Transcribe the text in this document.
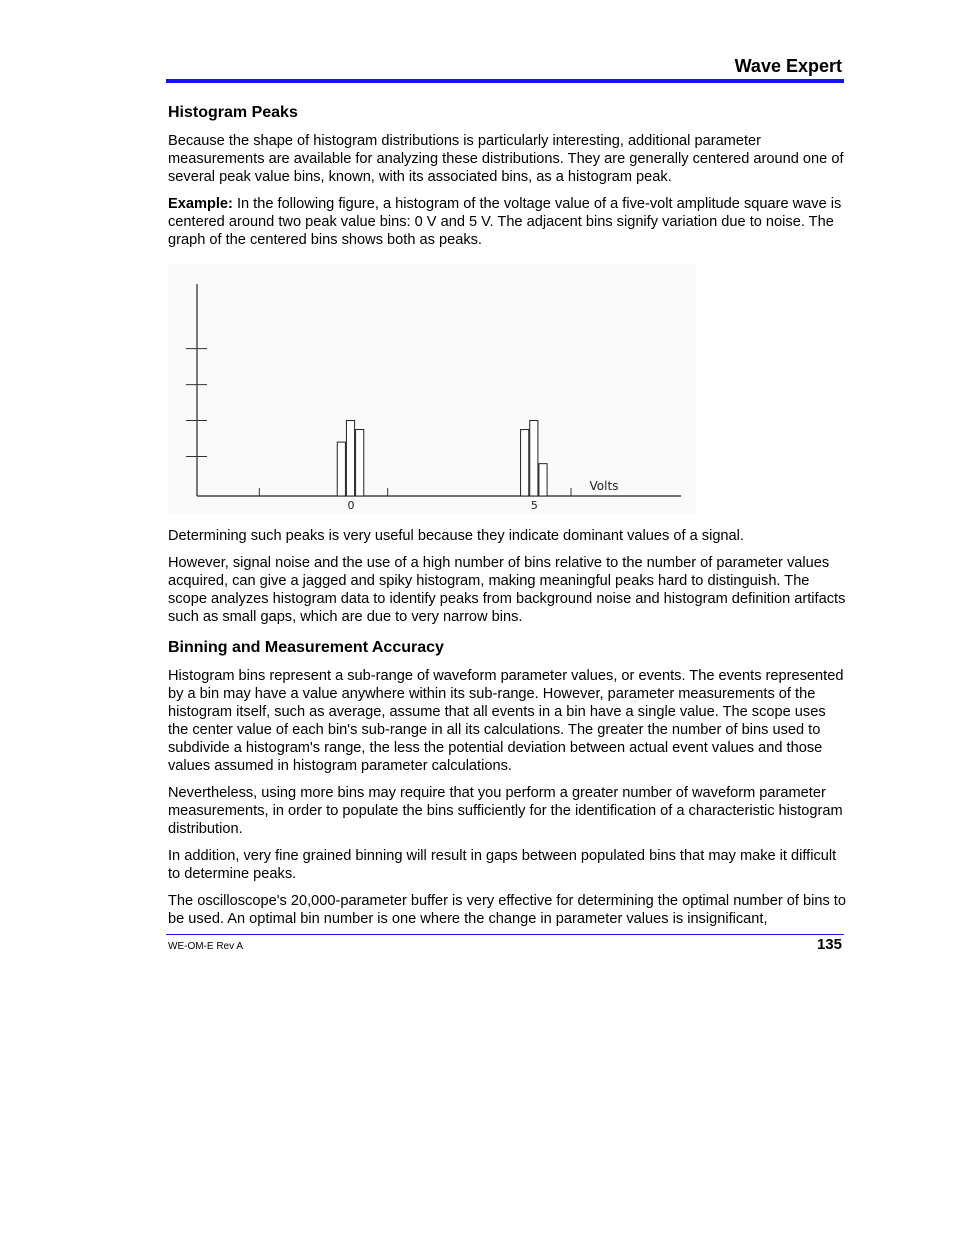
Wave Expert
Histogram Peaks

Because the shape of histogram distributions is particularly interesting, additional parameter measurements are available for analyzing these distributions. They are generally centered around one of several peak value bins, known, with its associated bins, as a histogram peak.

Example: In the following figure, a histogram of the voltage value of a five-volt amplitude square wave is centered around two peak value bins: 0 V and 5 V. The adjacent bins signify variation due to noise. The graph of the centered bins shows both as peaks.

0	5
Volts

Determining such peaks is very useful because they indicate dominant values of a signal.

However, signal noise and the use of a high number of bins relative to the number of parameter values acquired, can give a jagged and spiky histogram, making meaningful peaks hard to distinguish. The scope analyzes histogram data to identify peaks from background noise and histogram definition artifacts such as small gaps, which are due to very narrow bins.

Binning and Measurement Accuracy

Histogram bins represent a sub-range of waveform parameter values, or events. The events represented by a bin may have a value anywhere within its sub-range. However, parameter measurements of the histogram itself, such as average, assume that all events in a bin have a single value. The scope uses the center value of each bin's sub-range in all its calculations. The greater the number of bins used to subdivide a histogram's range, the less the potential deviation between actual event values and those values assumed in histogram parameter calculations.

Nevertheless, using more bins may require that you perform a greater number of waveform parameter measurements, in order to populate the bins sufficiently for the identification of a characteristic histogram distribution.

In addition, very fine grained binning will result in gaps between populated bins that may make it difficult to determine peaks.

The oscilloscope's 20,000-parameter buffer is very effective for determining the optimal number of bins to be used. An optimal bin number is one where the change in parameter values is insignificant,

WE-OM-E Rev A	135
